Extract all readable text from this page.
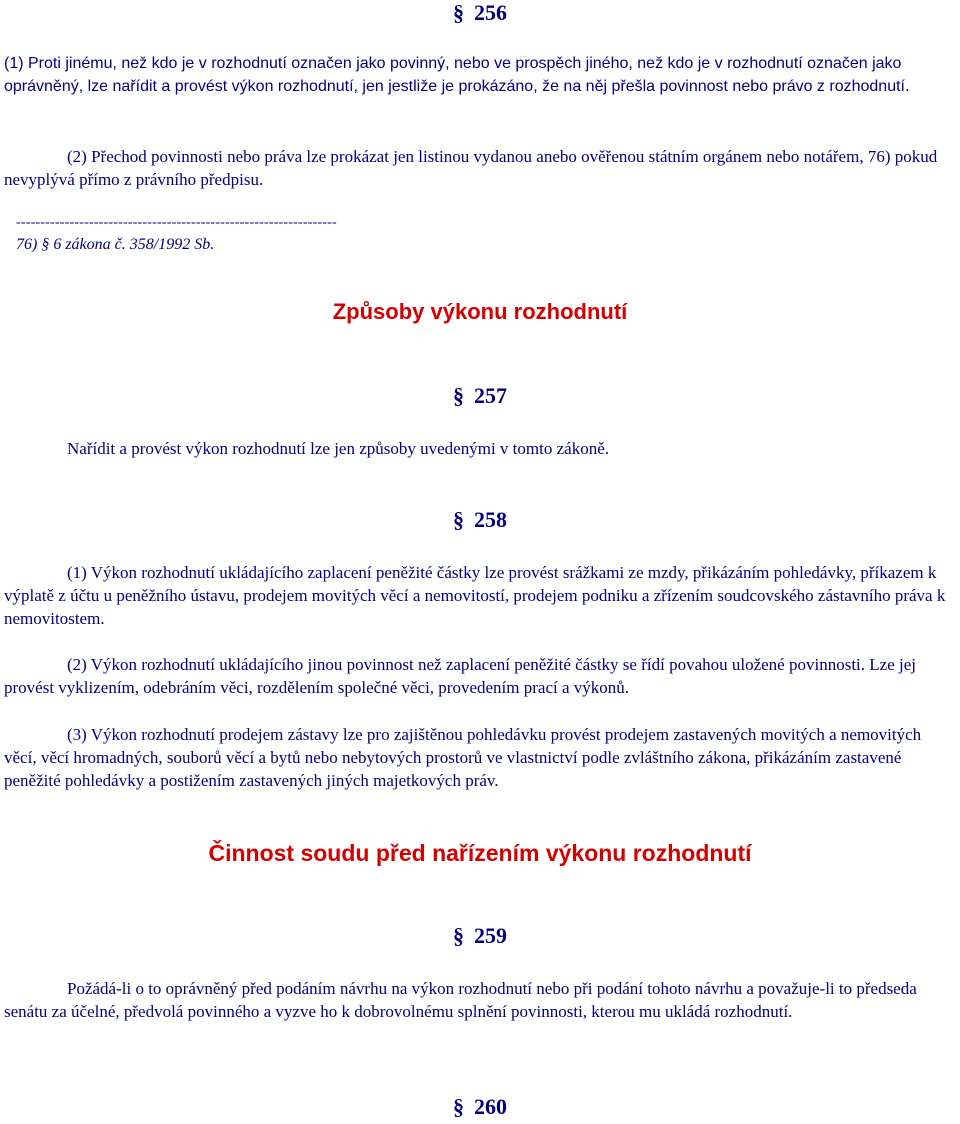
§ 256

(1) Proti jinému, než kdo je v rozhodnutí označen jako povinný, nebo ve prospěch jiného, než kdo je v rozhodnutí označen jako oprávněný, lze nařídit a provést výkon rozhodnutí, jen jestliže je prokázáno, že na něj přešla povinnost nebo právo z rozhodnutí.

(2) Přechod povinnosti nebo práva lze prokázat jen listinou vydanou anebo ověřenou státním orgánem nebo notářem, 76) pokud nevyplývá přímo z právního předpisu.

------------------------------------------------------------------
76) § 6 zákona č. 358/1992 Sb.
Způsoby výkonu rozhodnutí
§ 257

Nařídit a provést výkon rozhodnutí lze jen způsoby uvedenými v tomto zákoně.

§ 258

(1) Výkon rozhodnutí ukládajícího zaplacení peněžité částky lze provést srážkami ze mzdy, přikázáním pohledávky, příkazem k výplatě z účtu u peněžního ústavu, prodejem movitých věcí a nemovitostí, prodejem podniku a zřízením soudcovského zástavního práva k nemovitostem.

(2) Výkon rozhodnutí ukládajícího jinou povinnost než zaplacení peněžité částky se řídí povahou uložené povinnosti. Lze jej provést vyklizením, odebráním věci, rozdělením společné věci, provedením prací a výkonů.

(3) Výkon rozhodnutí prodejem zástavy lze pro zajištěnou pohledávku provést prodejem zastavených movitých a nemovitých věcí, věcí hromadných, souborů věcí a bytů nebo nebytových prostorů ve vlastnictví podle zvláštního zákona, přikázáním zastavené peněžité pohledávky a postižením zastavených jiných majetkových práv.

Činnost soudu před nařízením výkonu rozhodnutí
§ 259

Požádá-li o to oprávněný před podáním návrhu na výkon rozhodnutí nebo při podání tohoto návrhu a považuje-li to předseda senátu za účelné, předvolá povinného a vyzve ho k dobrovolnému splnění povinnosti, kterou mu ukládá rozhodnutí.

§ 260
